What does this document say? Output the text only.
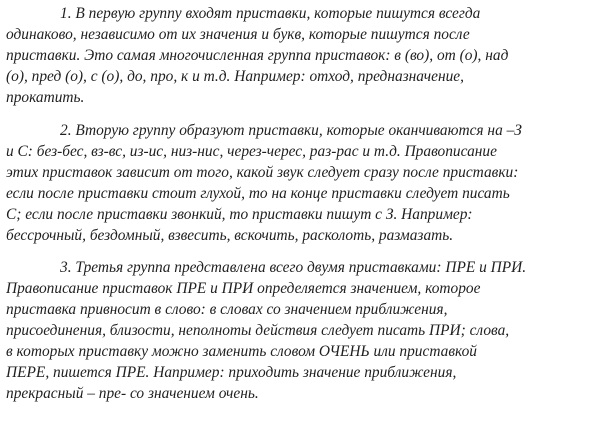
1. В первую группу входят приставки, которые пишутся всегда
одинаково, независимо от их значения и букв, которые пишутся после
приставки. Это самая многочисленная группа приставок: в (во), от (о), над
(о), пред (о), с (о), до, про, к и т.д. Например: отход, предназначение,
прокатить.
2. Вторую группу образуют приставки, которые оканчиваются на –З
и С: без-бес, вз-вс, из-ис, низ-нис, через-черес, раз-рас и т.д. Правописание
этих приставок зависит от того, какой звук следует сразу после приставки:
если после приставки стоит глухой, то на конце приставки следует писать
С; если после приставки звонкий, то приставки пишут с З. Например:
бессрочный, бездомный, взвесить, вскочить, расколоть, размазать.
3. Третья группа представлена всего двумя приставками: ПРЕ и ПРИ.
Правописание приставок ПРЕ и ПРИ определяется значением, которое
приставка привносит в слово: в словах со значением приближения,
присоединения, близости, неполноты действия следует писать ПРИ; слова,
в которых приставку можно заменить словом ОЧЕНЬ или приставкой
ПЕРЕ, пишется ПРЕ. Например: приходить значение приближения,
прекрасный – пре- со значением очень.
